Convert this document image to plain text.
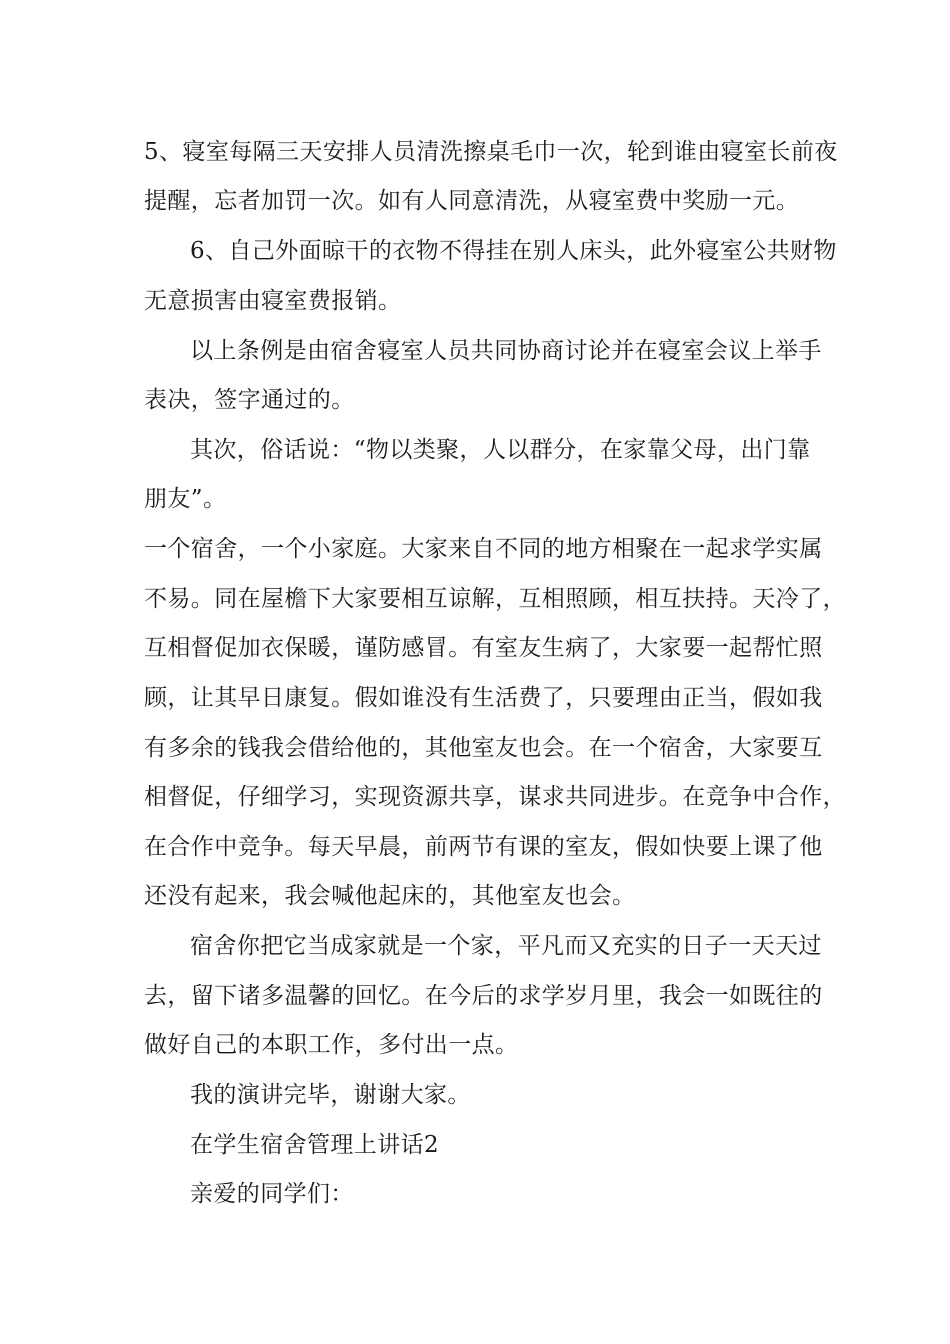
5、寝室每隔三天安排人员清洗擦桌毛巾一次，轮到谁由寝室长前夜
提醒，忘者加罚一次。如有人同意清洗，从寝室费中奖励一元。
6、自己外面晾干的衣物不得挂在别人床头，此外寝室公共财物
无意损害由寝室费报销。
以上条例是由宿舍寝室人员共同协商讨论并在寝室会议上举手
表决，签字通过的。
其次，俗话说：“物以类聚，人以群分，在家靠父母，出门靠
朋友”。
一个宿舍，一个小家庭。大家来自不同的地方相聚在一起求学实属
不易。同在屋檐下大家要相互谅解，互相照顾，相互扶持。天冷了，
互相督促加衣保暖，谨防感冒。有室友生病了，大家要一起帮忙照
顾，让其早日康复。假如谁没有生活费了，只要理由正当，假如我
有多余的钱我会借给他的，其他室友也会。在一个宿舍，大家要互
相督促，仔细学习，实现资源共享，谋求共同进步。在竞争中合作，
在合作中竞争。每天早晨，前两节有课的室友，假如快要上课了他
还没有起来，我会喊他起床的，其他室友也会。
宿舍你把它当成家就是一个家，平凡而又充实的日子一天天过
去，留下诸多温馨的回忆。在今后的求学岁月里，我会一如既往的
做好自己的本职工作，多付出一点。
我的演讲完毕，谢谢大家。
在学生宿舍管理上讲话2
亲爱的同学们：
